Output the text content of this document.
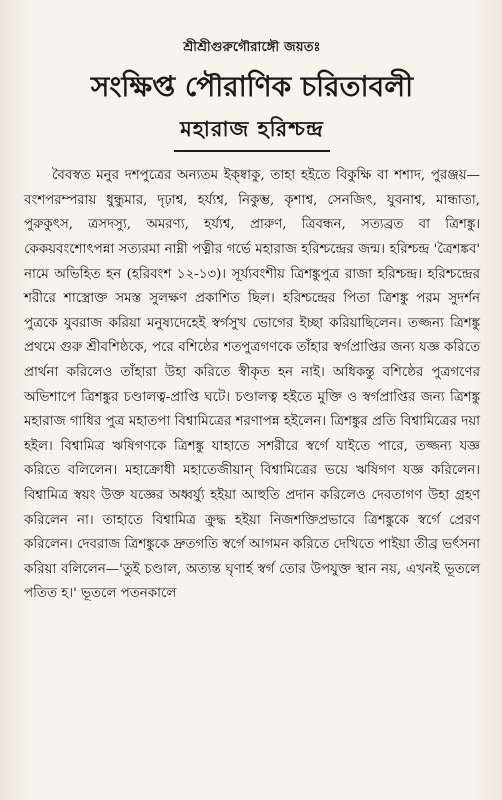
শ্রীশ্রীগুরুগৌরাঙ্গৌ জয়তঃ
সংক্ষিপ্ত পৌরাণিক চরিতাবলী
মহারাজ হরিশ্চন্দ্র

বৈবস্বত মনুর দশপুত্রের অন্যতম ইক্ষ্বাকু, তাহা হইতে বিকুক্ষি বা শশাদ, পুরঞ্জয়—বংশপরম্পরায় ধুন্ধুমার, দৃঢ়াশ্ব, হর্য্যশ্ব, নিকুম্ভ, কৃশাশ্ব, সেনজিৎ, যুবনাশ্ব, মান্ধাতা, পুরুকুৎস, ত্রসদস্যু, অমরণ্য, হর্য্যশ্ব, প্রারুণ, ত্রিবন্ধন, সত্যব্রত বা ত্রিশঙ্কু। কেকয়বংশোৎপন্না সত্যরমা নাম্নী পত্নীর গর্ভে মহারাজ হরিশ্চন্দ্রের জন্ম। হরিশ্চন্দ্র 'ত্রৈশঙ্কব' নামে অভিহিত হন (হরিবংশ ১২-১৩)। সূর্য্যবংশীয় ত্রিশঙ্কুপুত্র রাজা হরিশ্চন্দ্র। হরিশ্চন্দ্রের শরীরে শাস্ত্রোক্ত সমস্ত সুলক্ষণ প্রকাশিত ছিল। হরিশ্চন্দ্রের পিতা ত্রিশঙ্কু পরম সুদর্শন পুত্রকে যুবরাজ করিয়া মনুষ্যদেহেই স্বর্গসুখ ভোগের ইচ্ছা করিয়াছিলেন। তজ্জন্য ত্রিশঙ্কু প্রথমে গুরু শ্রীবশিষ্ঠকে, পরে বশিষ্ঠের শতপুত্রগণকে তাঁহার স্বর্গপ্রাপ্তির জন্য যজ্ঞ করিতে প্রার্থনা করিলেও তাঁহারা উহা করিতে স্বীকৃত হন নাই। অধিকন্তু বশিষ্ঠের পুত্রগণের অভিশাপে ত্রিশঙ্কুর চণ্ডালত্ব-প্রাপ্তি ঘটে। চণ্ডালত্ব হইতে মুক্তি ও স্বর্গপ্রাপ্তির জন্য ত্রিশঙ্কু মহারাজ গাধির পুত্র মহাতপা বিশ্বামিত্রের শরণাপন্ন হইলেন। ত্রিশঙ্কুর প্রতি বিশ্বামিত্রের দয়া হইল। বিশ্বামিত্র ঋষিগণকে ত্রিশঙ্কু যাহাতে সশরীরে স্বর্গে যাইতে পারে, তজ্জন্য যজ্ঞ করিতে বলিলেন। মহাক্রোধী মহাতেজীয়ান্ বিশ্বামিত্রের ভয়ে ঋষিগণ যজ্ঞ করিলেন। বিশ্বামিত্র স্বয়ং উক্ত যজ্ঞের অধ্বর্য্যু হইয়া আহুতি প্রদান করিলেও দেবতাগণ উহা গ্রহণ করিলেন না। তাহাতে বিশ্বামিত্র ক্রুদ্ধ হইয়া নিজশক্তিপ্রভাবে ত্রিশঙ্কুকে স্বর্গে প্রেরণ করিলেন। দেবরাজ ত্রিশঙ্কুকে দ্রুতগতি স্বর্গে আগমন করিতে দেখিতে পাইয়া তীব্র ভর্ৎসনা করিয়া বলিলেন—'তুই চণ্ডাল, অত্যন্ত ঘৃণার্হ স্বর্গ তোর উপযুক্ত স্থান নয়, এখনই ভূতলে পতিত হ।' ভূতলে পতনকালে
